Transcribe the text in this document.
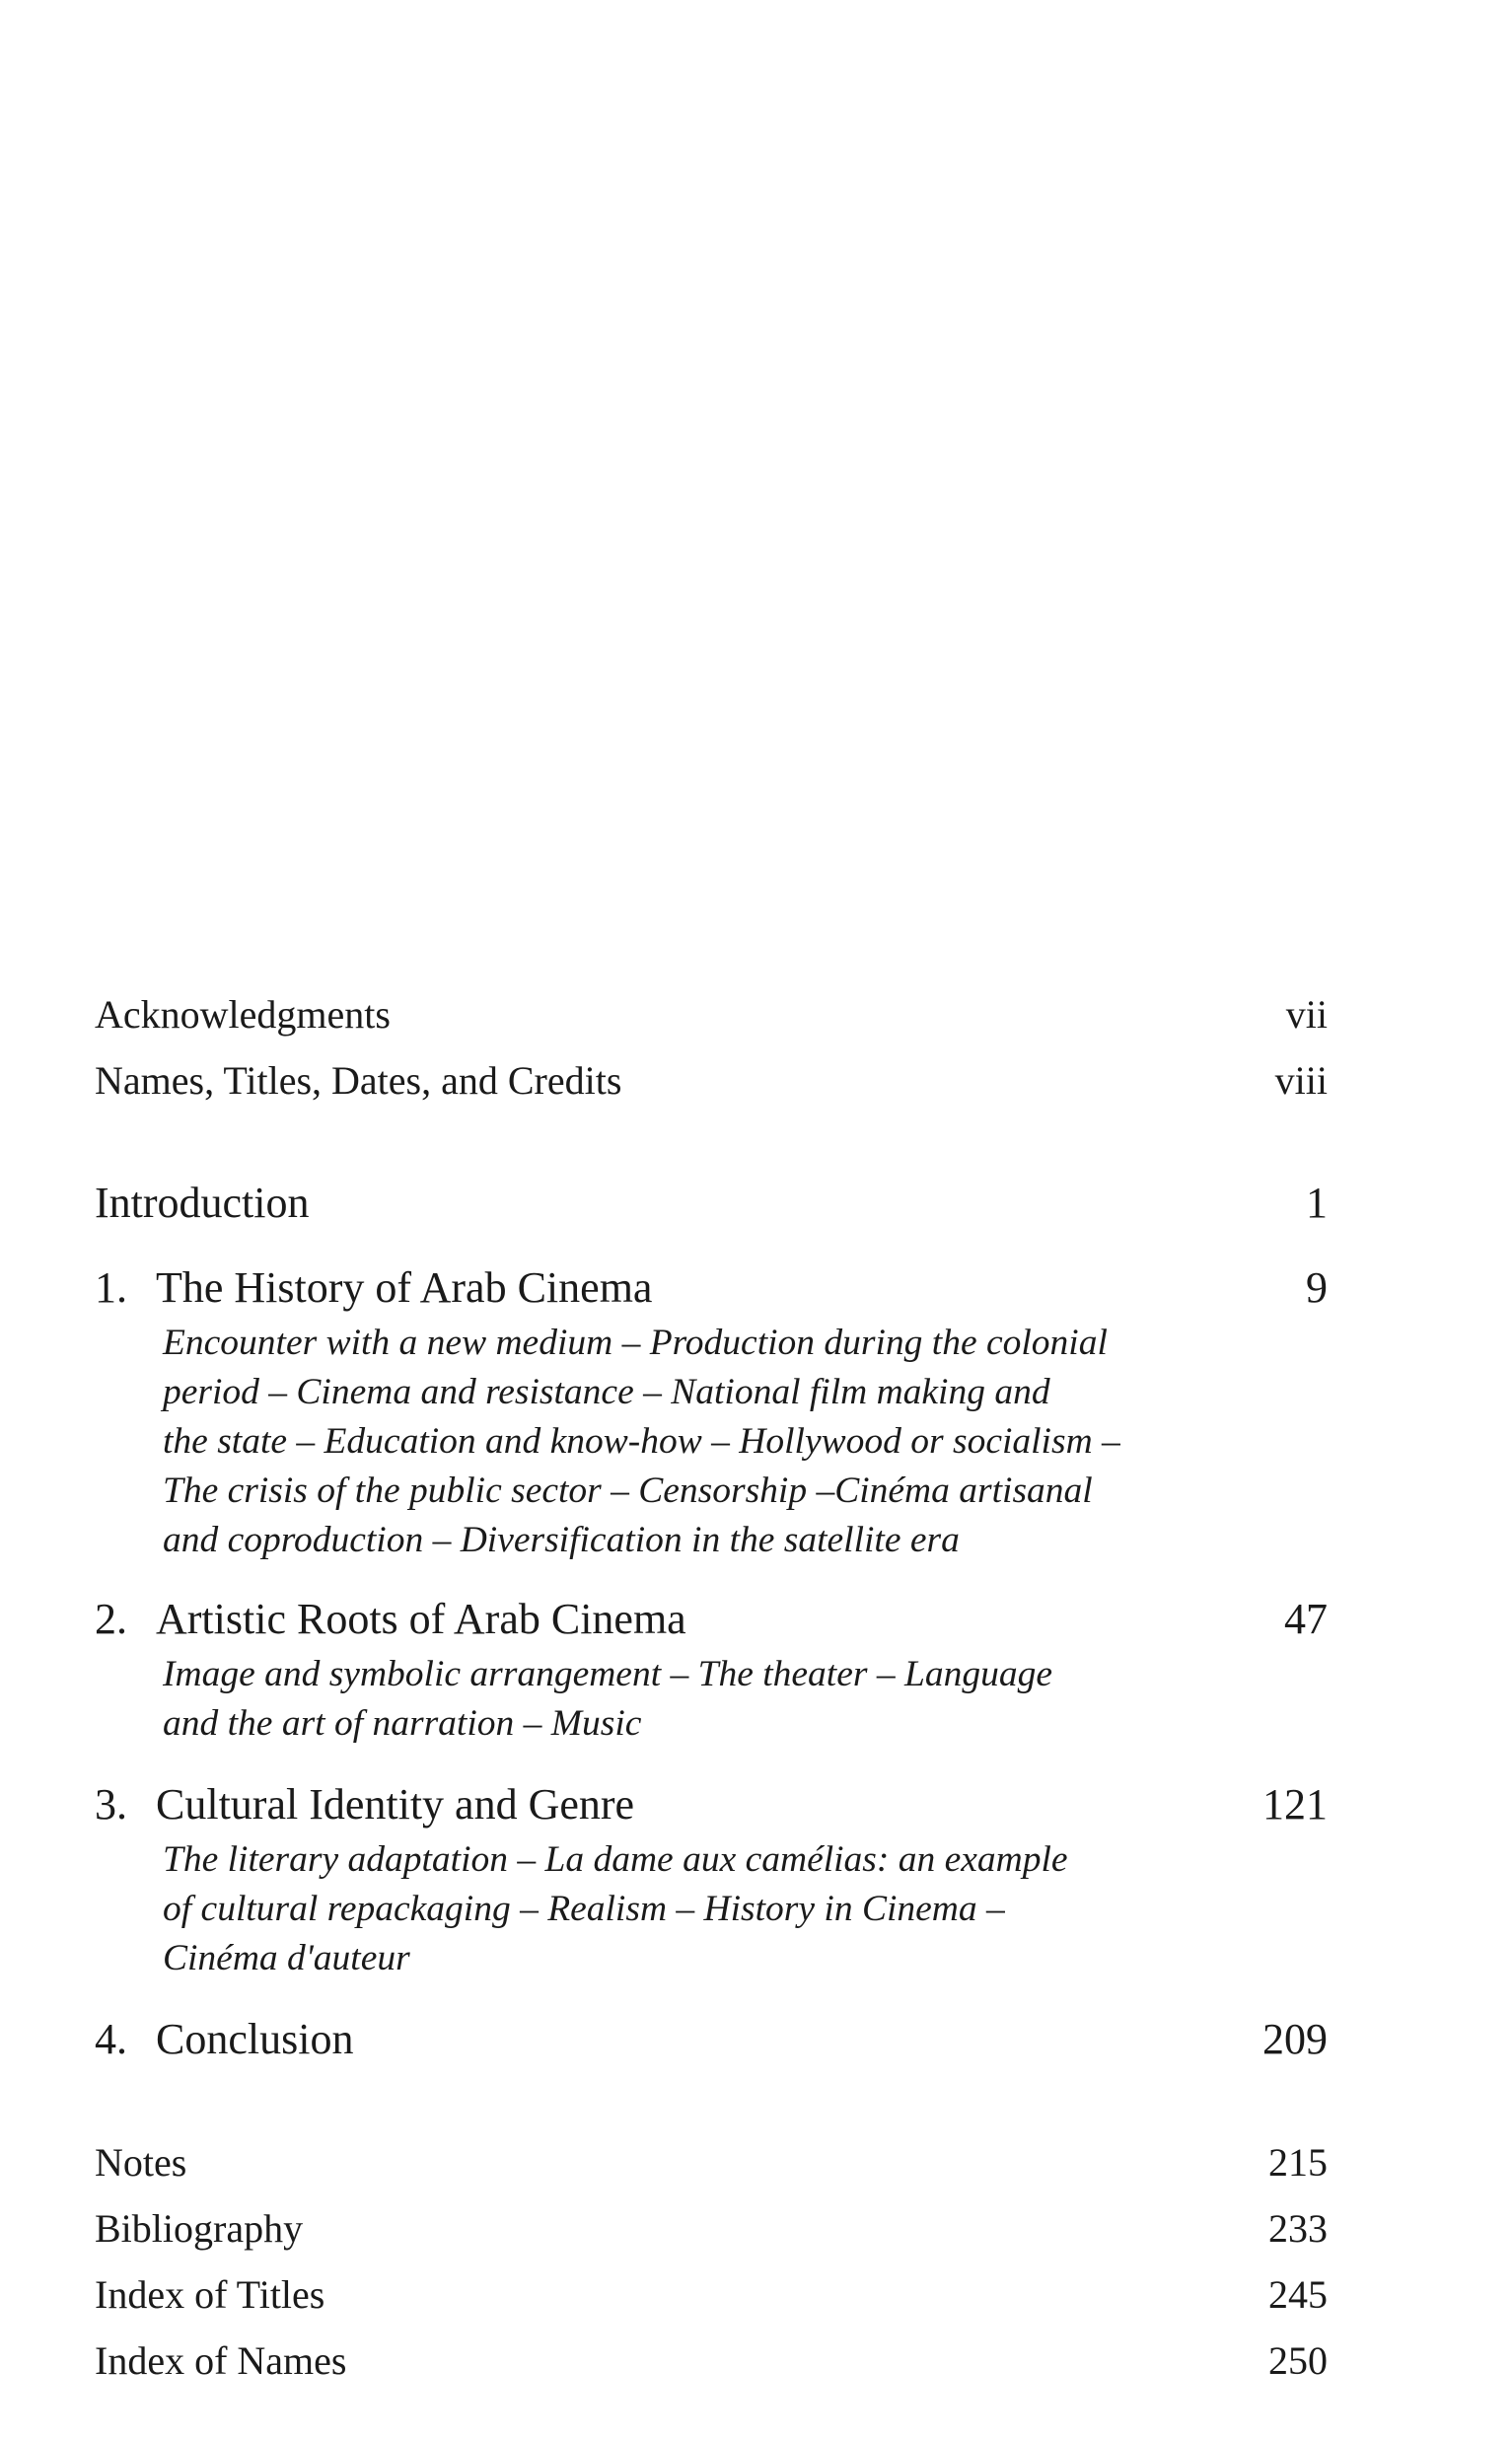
Acknowledgments	vii
Names, Titles, Dates, and Credits	viii
Introduction	1
1. The History of Arab Cinema	9
Encounter with a new medium – Production during the colonial
period – Cinema and resistance – National film making and
the state – Education and know-how – Hollywood or socialism –
The crisis of the public sector – Censorship –Cinéma artisanal
and coproduction – Diversification in the satellite era
2. Artistic Roots of Arab Cinema	47
Image and symbolic arrangement – The theater – Language
and the art of narration – Music
3. Cultural Identity and Genre	121
The literary adaptation – La dame aux camélias: an example
of cultural repackaging – Realism – History in Cinema –
Cinéma d'auteur
4. Conclusion	209
Notes	215
Bibliography	233
Index of Titles	245
Index of Names	250
